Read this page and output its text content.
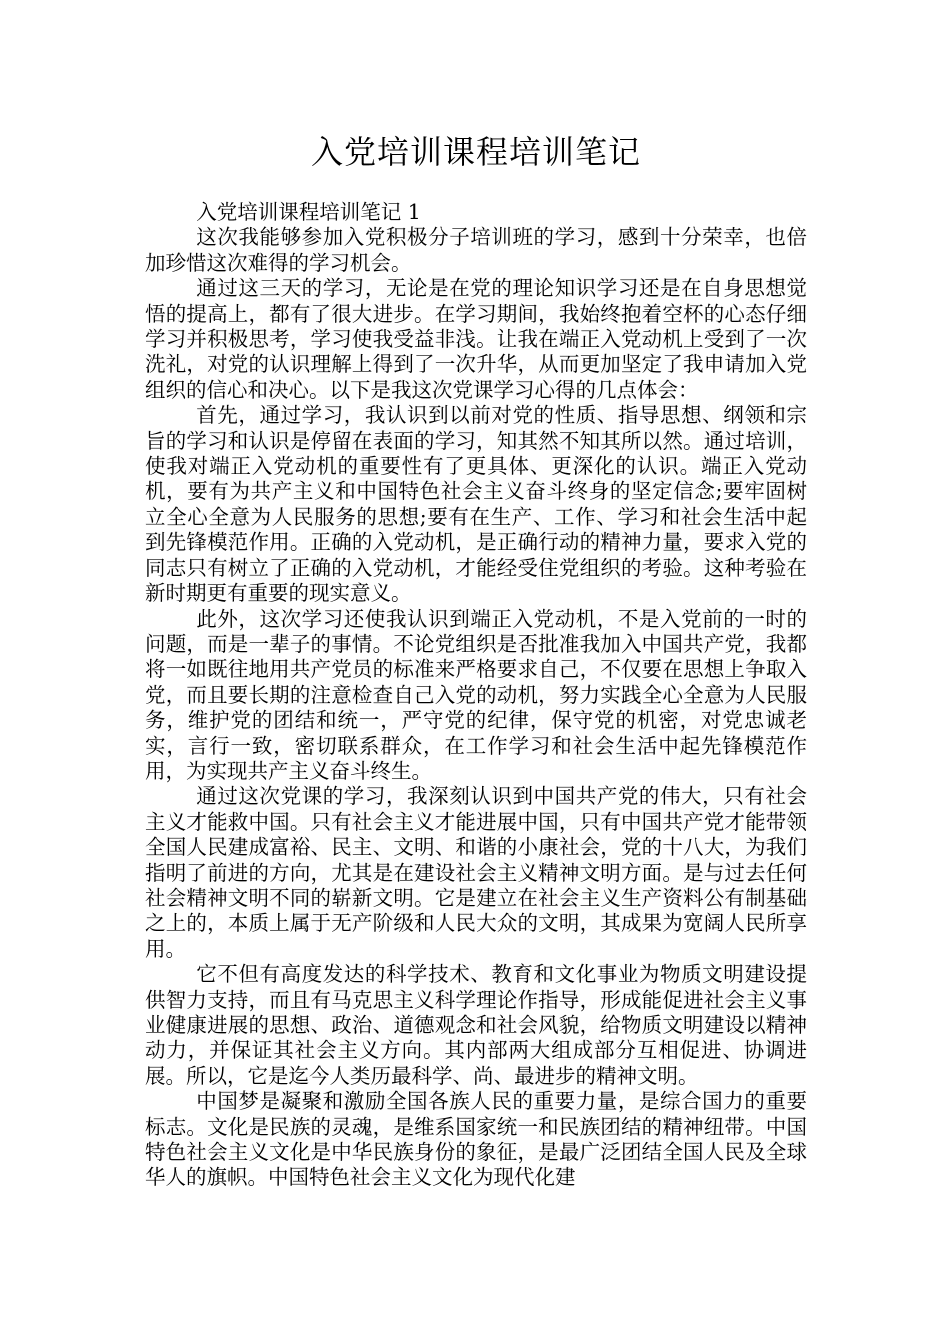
入党培训课程培训笔记

入党培训课程培训笔记 1

这次我能够参加入党积极分子培训班的学习，感到十分荣幸，也倍加珍惜这次难得的学习机会。

通过这三天的学习，无论是在党的理论知识学习还是在自身思想觉悟的提高上，都有了很大进步。在学习期间，我始终抱着空杯的心态仔细学习并积极思考，学习使我受益非浅。让我在端正入党动机上受到了一次洗礼，对党的认识理解上得到了一次升华，从而更加坚定了我申请加入党组织的信心和决心。以下是我这次党课学习心得的几点体会：

首先，通过学习，我认识到以前对党的性质、指导思想、纲领和宗旨的学习和认识是停留在表面的学习，知其然不知其所以然。通过培训，使我对端正入党动机的重要性有了更具体、更深化的认识。端正入党动机，要有为共产主义和中国特色社会主义奋斗终身的坚定信念;要牢固树立全心全意为人民服务的思想;要有在生产、工作、学习和社会生活中起到先锋模范作用。正确的入党动机，是正确行动的精神力量，要求入党的同志只有树立了正确的入党动机，才能经受住党组织的考验。这种考验在新时期更有重要的现实意义。

此外，这次学习还使我认识到端正入党动机，不是入党前的一时的问题，而是一辈子的事情。不论党组织是否批准我加入中国共产党，我都将一如既往地用共产党员的标准来严格要求自己，不仅要在思想上争取入党，而且要长期的注意检查自己入党的动机，努力实践全心全意为人民服务，维护党的团结和统一，严守党的纪律，保守党的机密，对党忠诚老实，言行一致，密切联系群众，在工作学习和社会生活中起先锋模范作用，为实现共产主义奋斗终生。

通过这次党课的学习，我深刻认识到中国共产党的伟大，只有社会主义才能救中国。只有社会主义才能进展中国，只有中国共产党才能带领全国人民建成富裕、民主、文明、和谐的小康社会，党的十八大，为我们指明了前进的方向，尤其是在建设社会主义精神文明方面。是与过去任何社会精神文明不同的崭新文明。它是建立在社会主义生产资料公有制基础之上的，本质上属于无产阶级和人民大众的文明，其成果为宽阔人民所享用。

它不但有高度发达的科学技术、教育和文化事业为物质文明建设提供智力支持，而且有马克思主义科学理论作指导，形成能促进社会主义事业健康进展的思想、政治、道德观念和社会风貌，给物质文明建设以精神动力，并保证其社会主义方向。其内部两大组成部分互相促进、协调进展。所以，它是迄今人类历最科学、尚、最进步的精神文明。

中国梦是凝聚和激励全国各族人民的重要力量，是综合国力的重要标志。文化是民族的灵魂，是维系国家统一和民族团结的精神纽带。中国特色社会主义文化是中华民族身份的象征，是最广泛团结全国人民及全球华人的旗帜。中国特色社会主义文化为现代化建
